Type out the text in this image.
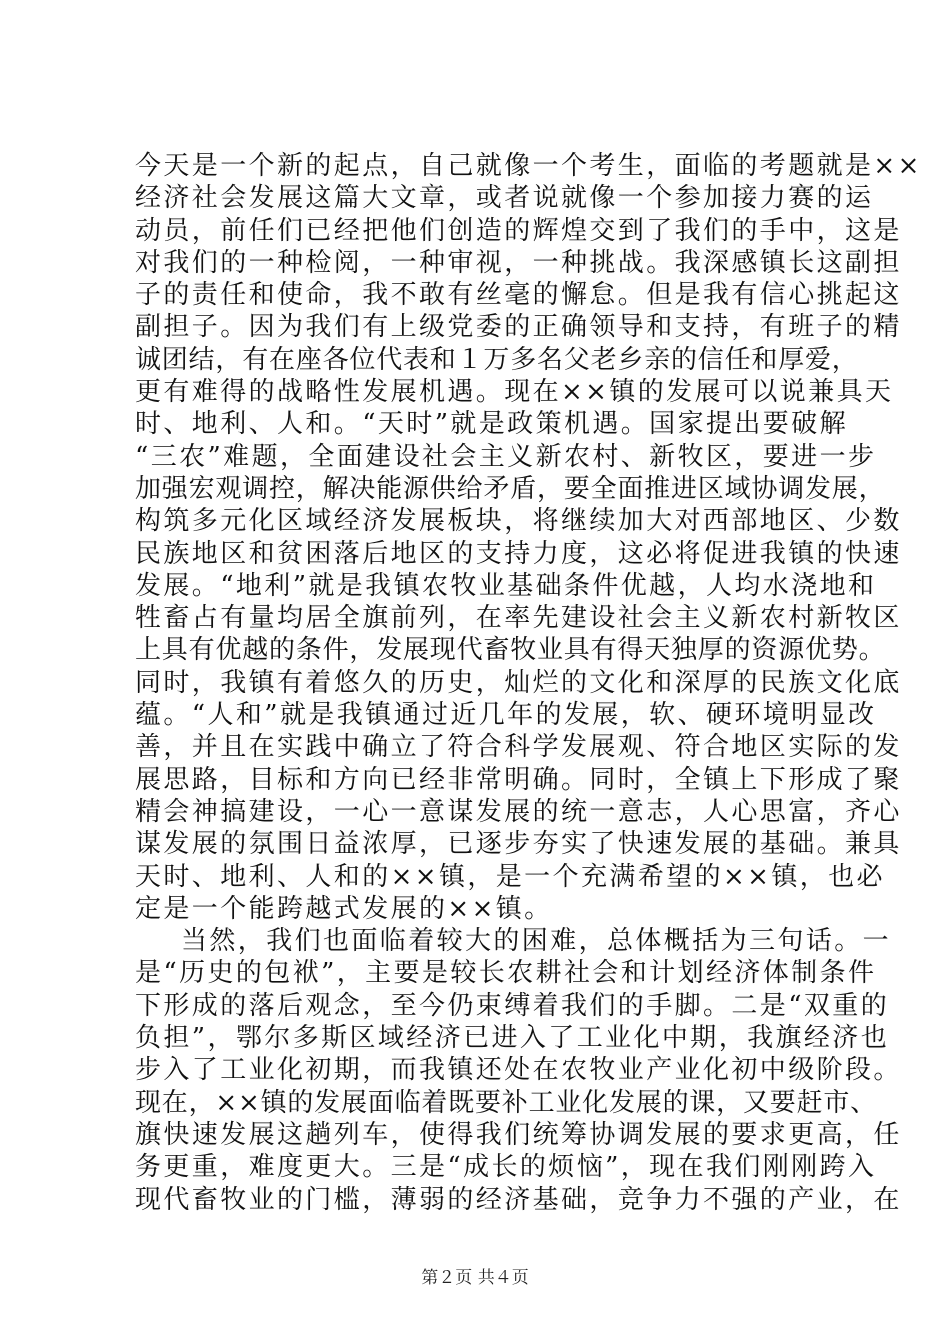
今天是一个新的起点，自己就像一个考生，面临的考题就是××
经济社会发展这篇大文章，或者说就像一个参加接力赛的运
动员，前任们已经把他们创造的辉煌交到了我们的手中，这是
对我们的一种检阅，一种审视，一种挑战。我深感镇长这副担
子的责任和使命，我不敢有丝毫的懈怠。但是我有信心挑起这
副担子。因为我们有上级党委的正确领导和支持，有班子的精
诚团结，有在座各位代表和１万多名父老乡亲的信任和厚爱，
更有难得的战略性发展机遇。现在××镇的发展可以说兼具天
时、地利、人和。“天时”就是政策机遇。国家提出要破解
“三农”难题，全面建设社会主义新农村、新牧区，要进一步
加强宏观调控，解决能源供给矛盾，要全面推进区域协调发展，
构筑多元化区域经济发展板块，将继续加大对西部地区、少数
民族地区和贫困落后地区的支持力度，这必将促进我镇的快速
发展。“地利”就是我镇农牧业基础条件优越，人均水浇地和
牲畜占有量均居全旗前列，在率先建设社会主义新农村新牧区
上具有优越的条件，发展现代畜牧业具有得天独厚的资源优势。
同时，我镇有着悠久的历史，灿烂的文化和深厚的民族文化底
蕴。“人和”就是我镇通过近几年的发展，软、硬环境明显改
善，并且在实践中确立了符合科学发展观、符合地区实际的发
展思路，目标和方向已经非常明确。同时，全镇上下形成了聚
精会神搞建设，一心一意谋发展的统一意志，人心思富，齐心
谋发展的氛围日益浓厚，已逐步夯实了快速发展的基础。兼具
天时、地利、人和的××镇，是一个充满希望的××镇，也必
定是一个能跨越式发展的××镇。
当然，我们也面临着较大的困难，总体概括为三句话。一
是“历史的包袱”，主要是较长农耕社会和计划经济体制条件
下形成的落后观念，至今仍束缚着我们的手脚。二是“双重的
负担”，鄂尔多斯区域经济已进入了工业化中期，我旗经济也
步入了工业化初期，而我镇还处在农牧业产业化初中级阶段。
现在，××镇的发展面临着既要补工业化发展的课，又要赶市、
旗快速发展这趟列车，使得我们统筹协调发展的要求更高，任
务更重，难度更大。三是“成长的烦恼”，现在我们刚刚跨入
现代畜牧业的门槛，薄弱的经济基础，竞争力不强的产业，在
第２页 共４页
